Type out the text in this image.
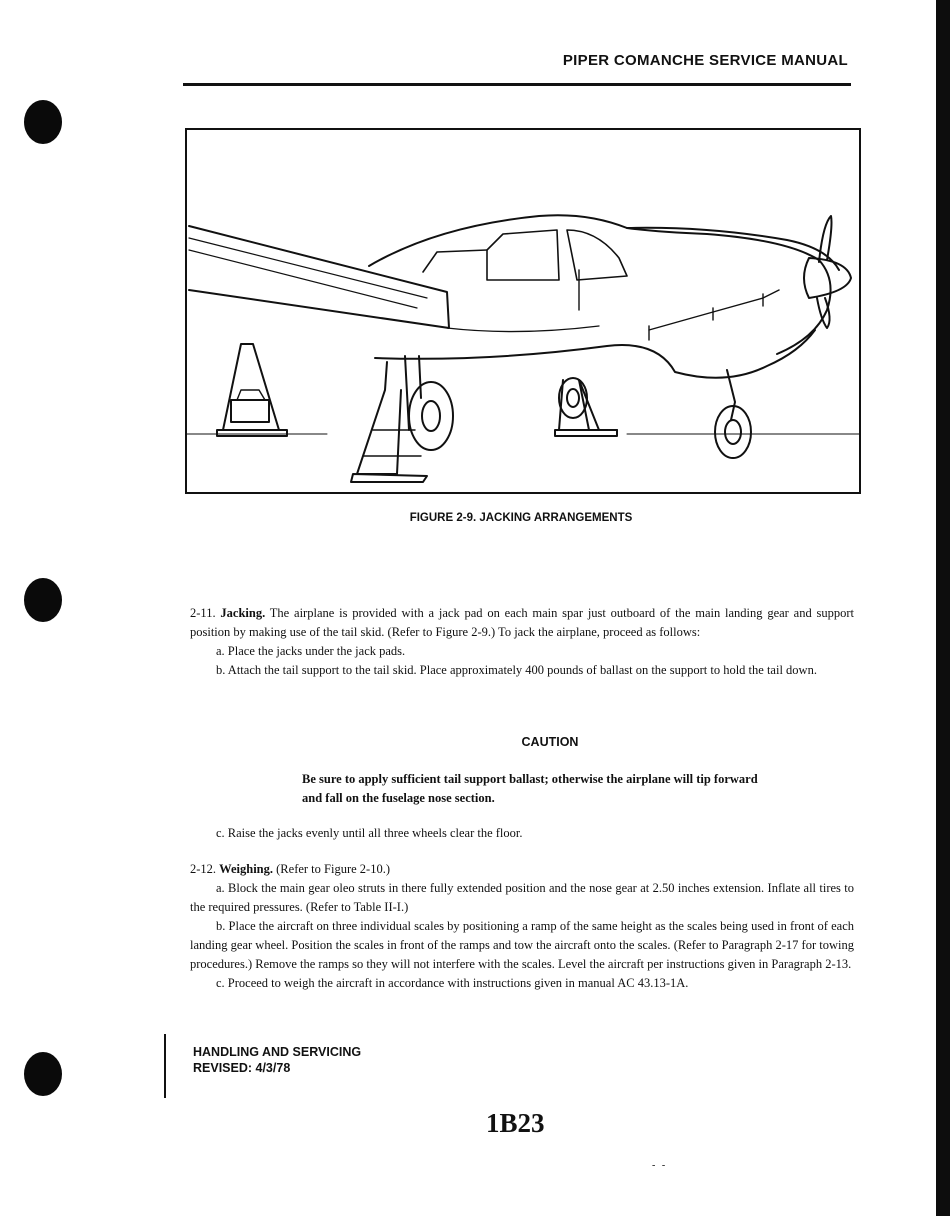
PIPER COMANCHE SERVICE MANUAL
FIGURE 2-9. JACKING ARRANGEMENTS

2-11. Jacking. The airplane is provided with a jack pad on each main spar just outboard of the main landing gear and support position by making use of the tail skid. (Refer to Figure 2-9.) To jack the airplane, proceed as follows:

a. Place the jacks under the jack pads.

b. Attach the tail support to the tail skid. Place approximately 400 pounds of ballast on the support to hold the tail down.

CAUTION
Be sure to apply sufficient tail support ballast; otherwise the airplane will tip forward and fall on the fuselage nose section.

c. Raise the jacks evenly until all three wheels clear the floor.

2-12. Weighing. (Refer to Figure 2-10.)

a. Block the main gear oleo struts in there fully extended position and the nose gear at 2.50 inches extension. Inflate all tires to the required pressures. (Refer to Table II-I.)

b. Place the aircraft on three individual scales by positioning a ramp of the same height as the scales being used in front of each landing gear wheel. Position the scales in front of the ramps and tow the aircraft onto the scales. (Refer to Paragraph 2-17 for towing procedures.) Remove the ramps so they will not interfere with the scales. Level the aircraft per instructions given in Paragraph 2-13.

c. Proceed to weigh the aircraft in accordance with instructions given in manual AC 43.13-1A.

HANDLING AND SERVICING
REVISED: 4/3/78
1B23
- -
